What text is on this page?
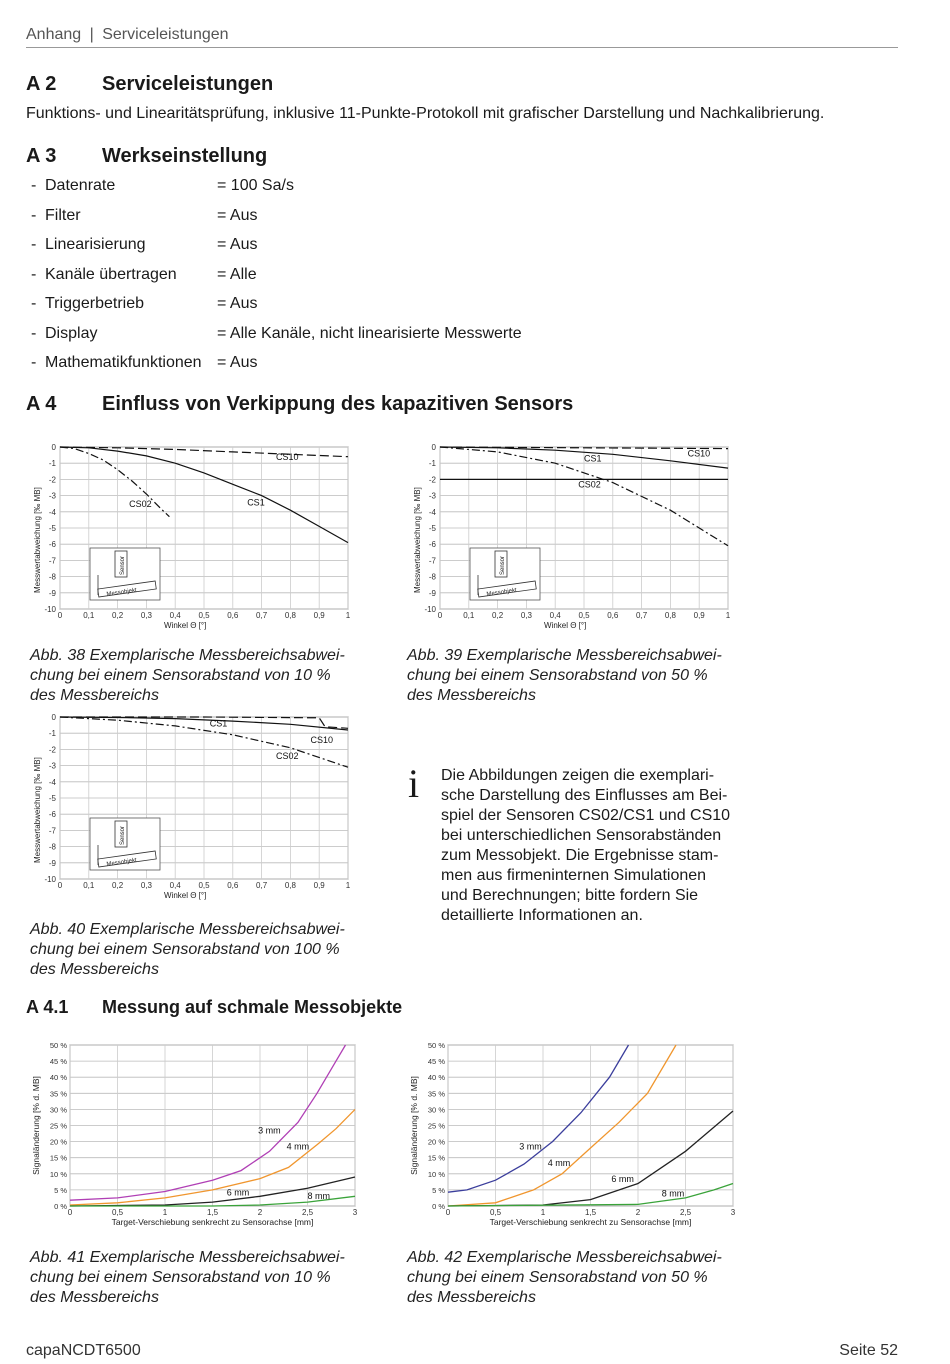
Anhang | Serviceleistungen
A 2 Serviceleistungen
Funktions- und Linearitätsprüfung, inklusive 11-Punkte-Protokoll mit grafischer Darstellung und Nachkalibrierung.
A 3 Werkseinstellung
- Datenrate	= 100 Sa/s
- Filter	= Aus
- Linearisierung	= Aus
- Kanäle übertragen	= Alle
- Triggerbetrieb	= Aus
- Display	= Alle Kanäle, nicht linearisierte Messwerte
- Mathematikfunktionen = Aus
A 4 Einfluss von Verkippung des kapazitiven Sensors
0
-1
-2
-3
-4
-5
-6
-7
-8
-9
-10
0	0,1 0,2 0,3 0,4 0,5 0,6 0,7 0,8 0,9	1
Winkel Θ [°]
Messwertabweichung [‰ MB]	Sensor
Messobjekt
CS10
CS1
CS02
0
-1
-2
-3
-4
-5
-6
-7
-8
-9
-10
0	0,1 0,2 0,3 0,4 0,5 0,6 0,7 0,8 0,9	1
Winkel Θ [°]
Messwertabweichung [‰ MB]	Sensor
Messobjekt
CS10
CS1
CS02
0
-1
-2
-3
-4
-5
-6
-7
-8
-9
-10
0	0,1 0,2 0,3 0,4 0,5 0,6 0,7 0,8 0,9	1
Winkel Θ [°]
Messwertabweichung [‰ MB]	Sensor
Messobjekt
CS1
CS10
CS02
Abb. 38 Exemplarische Messbereichsabwei-
chung bei einem Sensorabstand von 10 %
des Messbereichs
Abb. 39 Exemplarische Messbereichsabwei-
chung bei einem Sensorabstand von 50 %
des Messbereichs
Abb. 40 Exemplarische Messbereichsabwei-
chung bei einem Sensorabstand von 100 %
des Messbereichs
i Die Abbildungen zeigen die exemplari-
sche Darstellung des Einflusses am Bei-
spiel der Sensoren CS02/CS1 und CS10
bei unterschiedlichen Sensorabständen
zum Messobjekt. Die Ergebnisse stam-
men aus firmeninternen Simulationen
und Berechnungen; bitte fordern Sie
detaillierte Informationen an.
A 4.1 Messung auf schmale Messobjekte
0 %
5 %
10 %
15 %
20 %
25 %
30 %
35 %
40 %
45 %
50 %
0	0,5	1	1,5	2	2,5	3
Target-Verschiebung senkrecht zu Sensorachse [mm]
Signaländerung [% d. MB]	3 mm
4 mm
6 mm	8 mm
0 %
5 %
10 %
15 %
20 %
25 %
30 %
35 %
40 %
45 %
50 %
0	0,5	1	1,5	2	2,5	3
Target-Verschiebung senkrecht zu Sensorachse [mm]
Signaländerung [% d. MB]	3 mm
4 mm
6 mm
8 mm
Abb. 41 Exemplarische Messbereichsabwei-
chung bei einem Sensorabstand von 10 %
des Messbereichs
Abb. 42 Exemplarische Messbereichsabwei-
chung bei einem Sensorabstand von 50 %
des Messbereichs
capaNCDT6500	Seite 52
